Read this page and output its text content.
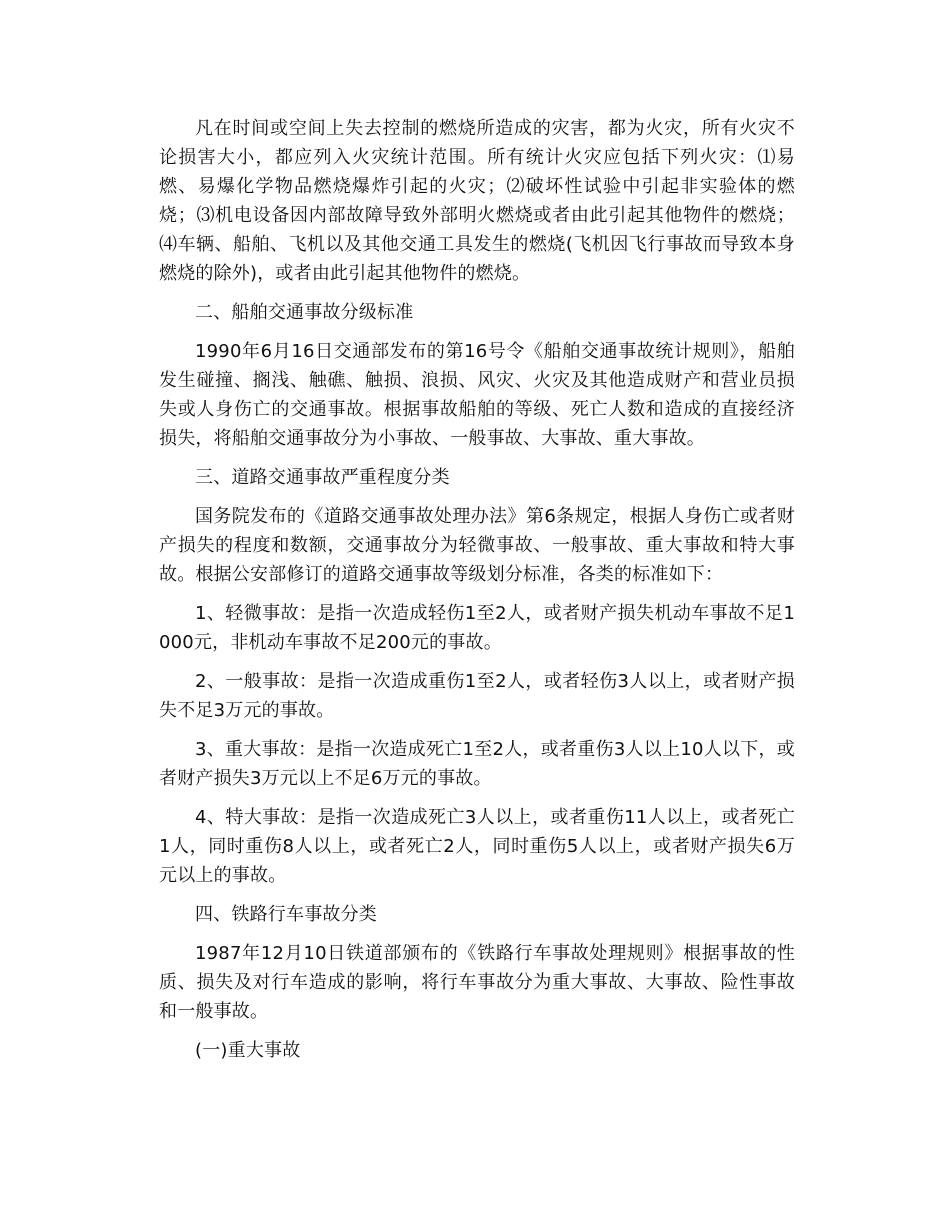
凡在时间或空间上失去控制的燃烧所造成的灾害，都为火灾，所有火灾不论损害大小，都应列入火灾统计范围。所有统计火灾应包括下列火灾：⑴易燃、易爆化学物品燃烧爆炸引起的火灾；⑵破坏性试验中引起非实验体的燃烧；⑶机电设备因内部故障导致外部明火燃烧或者由此引起其他物件的燃烧；⑷车辆、船舶、飞机以及其他交通工具发生的燃烧(飞机因飞行事故而导致本身燃烧的除外)，或者由此引起其他物件的燃烧。

二、船舶交通事故分级标准

1990年6月16日交通部发布的第16号令《船舶交通事故统计规则》，船舶发生碰撞、搁浅、触礁、触损、浪损、风灾、火灾及其他造成财产和营业员损失或人身伤亡的交通事故。根据事故船舶的等级、死亡人数和造成的直接经济损失，将船舶交通事故分为小事故、一般事故、大事故、重大事故。

三、道路交通事故严重程度分类

国务院发布的《道路交通事故处理办法》第6条规定，根据人身伤亡或者财产损失的程度和数额，交通事故分为轻微事故、一般事故、重大事故和特大事故。根据公安部修订的道路交通事故等级划分标准，各类的标准如下：

1、轻微事故：是指一次造成轻伤1至2人，或者财产损失机动车事故不足1000元，非机动车事故不足200元的事故。

2、一般事故：是指一次造成重伤1至2人，或者轻伤3人以上，或者财产损失不足3万元的事故。

3、重大事故：是指一次造成死亡1至2人，或者重伤3人以上10人以下，或者财产损失3万元以上不足6万元的事故。

4、特大事故：是指一次造成死亡3人以上，或者重伤11人以上，或者死亡1人，同时重伤8人以上，或者死亡2人，同时重伤5人以上，或者财产损失6万元以上的事故。

四、铁路行车事故分类

1987年12月10日铁道部颁布的《铁路行车事故处理规则》根据事故的性质、损失及对行车造成的影响，将行车事故分为重大事故、大事故、险性事故和一般事故。

(一)重大事故
